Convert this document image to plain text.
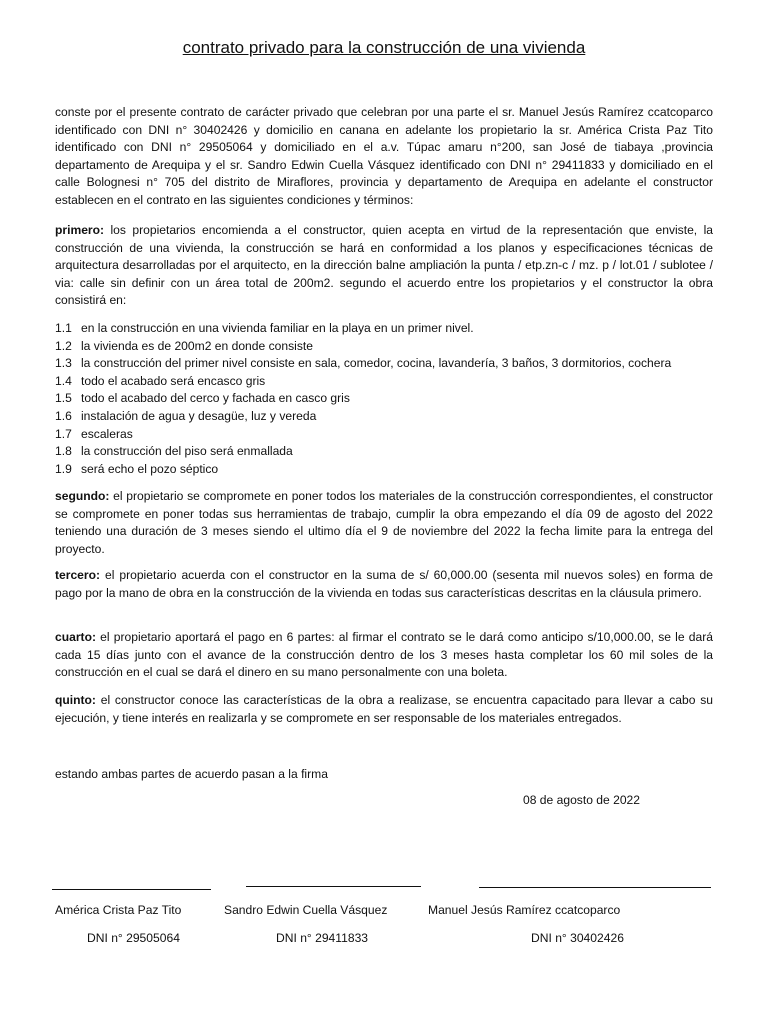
contrato privado para la construcción de una vivienda

conste por el presente contrato de carácter privado que celebran por una parte el sr. Manuel Jesús Ramírez ccatcoparco identificado con DNI n° 30402426 y domicilio en canana en adelante los propietario la sr. América Crista Paz Tito identificado con DNI n° 29505064 y domiciliado en el a.v. Túpac amaru n°200, san José de tiabaya ,provincia departamento de Arequipa y el sr. Sandro Edwin Cuella Vásquez identificado con DNI n° 29411833 y domiciliado en el calle Bolognesi n° 705 del distrito de Miraflores, provincia y departamento de Arequipa en adelante el constructor establecen en el contrato en las siguientes condiciones y términos:

primero: los propietarios encomienda a el constructor, quien acepta en virtud de la representación que enviste, la construcción de una vivienda, la construcción se hará en conformidad a los planos y especificaciones técnicas de arquitectura desarrolladas por el arquitecto, en la dirección balne ampliación la punta / etp.zn-c / mz. p / lot.01 / sublotee / via: calle sin definir con un área total de 200m2. segundo el acuerdo entre los propietarios y el constructor la obra consistirá en:

1.1 en la construcción en una vivienda familiar en la playa en un primer nivel.

1.2 la vivienda es de 200m2 en donde consiste

1.3 la construcción del primer nivel consiste en sala, comedor, cocina, lavandería, 3 baños, 3 dormitorios, cochera

1.4 todo el acabado será encasco gris

1.5 todo el acabado del cerco y fachada en casco gris

1.6 instalación de agua y desagüe, luz y vereda

1.7 escaleras

1.8 la construcción del piso será enmallada

1.9 será echo el pozo séptico

segundo: el propietario se compromete en poner todos los materiales de la construcción correspondientes, el constructor se compromete en poner todas sus herramientas de trabajo, cumplir la obra empezando el día 09 de agosto del 2022 teniendo una duración de 3 meses siendo el ultimo día el 9 de noviembre del 2022 la fecha limite para la entrega del proyecto.

tercero: el propietario acuerda con el constructor en la suma de s/ 60,000.00 (sesenta mil nuevos soles) en forma de pago por la mano de obra en la construcción de la vivienda en todas sus características descritas en la cláusula primero.

cuarto: el propietario aportará el pago en 6 partes: al firmar el contrato se le dará como anticipo s/10,000.00, se le dará cada 15 días junto con el avance de la construcción dentro de los 3 meses hasta completar los 60 mil soles de la construcción en el cual se dará el dinero en su mano personalmente con una boleta.

quinto: el constructor conoce las características de la obra a realizase, se encuentra capacitado para llevar a cabo su ejecución, y tiene interés en realizarla y se compromete en ser responsable de los materiales entregados.

estando ambas partes de acuerdo pasan a la firma

08 de agosto de 2022
América Crista Paz Tito	Sandro Edwin Cuella Vásquez	Manuel Jesús Ramírez ccatcoparco
DNI n° 29505064	DNI n° 29411833	DNI n° 30402426
